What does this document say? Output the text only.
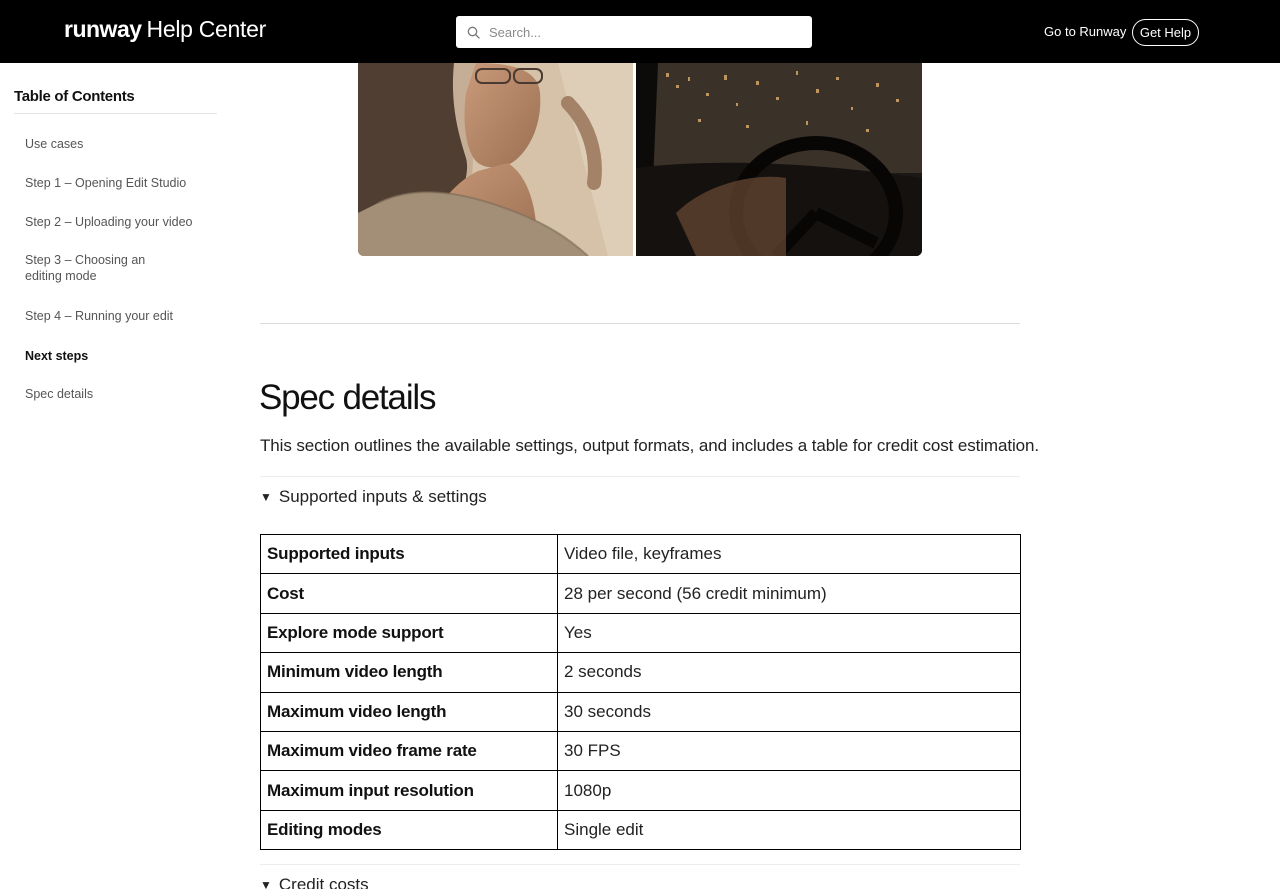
runway Help Center
Search...	Go to Runway	Get Help
Table of Contents
Use cases
Step 1 – Opening Edit Studio
Step 2 – Uploading your video
Step 3 – Choosing an editing mode
Step 4 – Running your edit
Next steps
Spec details	Spec details

This section outlines the available settings, output formats, and includes a table for credit cost estimation.

▼ Supported inputs & settings
Supported inputs	Video file, keyframes
Cost	28 per second (56 credit minimum)
Explore mode support	Yes
Minimum video length	2 seconds
Maximum video length	30 seconds
Maximum video frame rate	30 FPS
Maximum input resolution	1080p
Editing modes	Single edit
▼ Credit costs
